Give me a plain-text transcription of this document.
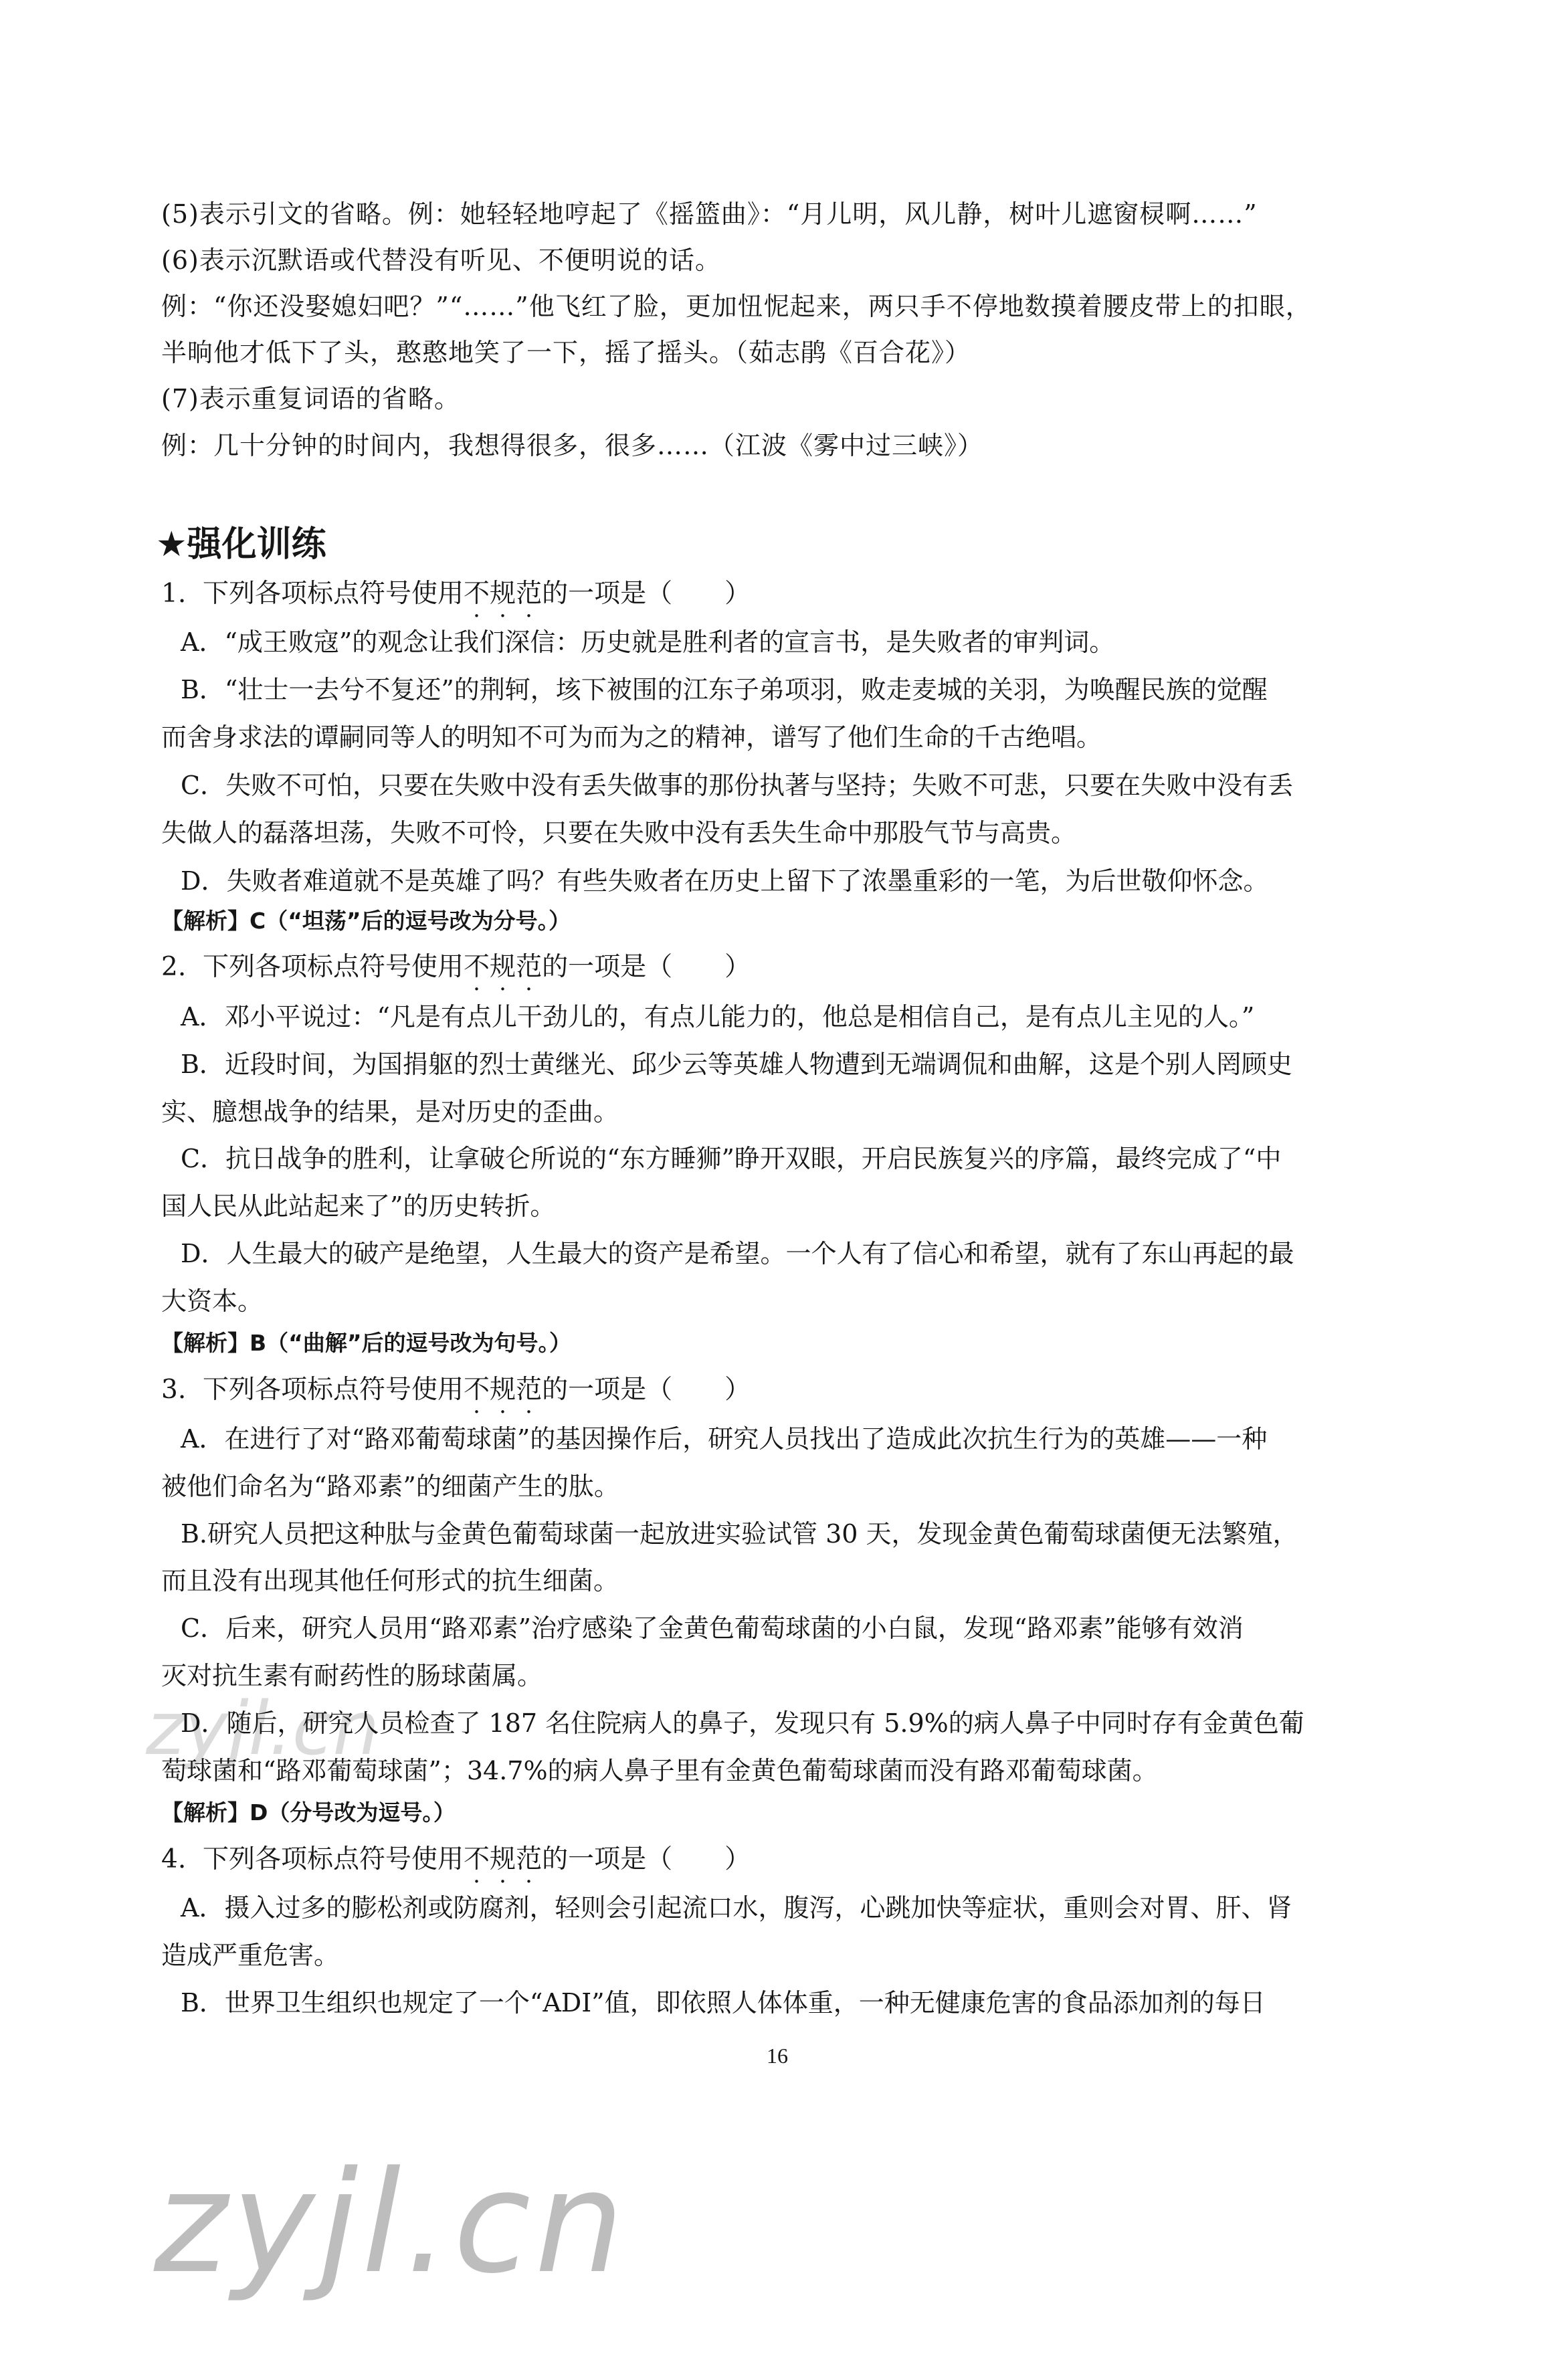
zyjl.cn
zyjl.cn
(5)表示引文的省略。例：她轻轻地哼起了《摇篮曲》：“月儿明，风儿静，树叶儿遮窗棂啊……”
(6)表示沉默语或代替没有听见、不便明说的话。
例：“你还没娶媳妇吧？”“……”他飞红了脸，更加忸怩起来，两只手不停地数摸着腰皮带上的扣眼，
半晌他才低下了头，憨憨地笑了一下，摇了摇头。（茹志鹃《百合花》）
(7)表示重复词语的省略。
例：几十分钟的时间内，我想得很多，很多……（江波《雾中过三峡》）
★强化训练
1. 下列各项标点符号使用不规范的一项是（　　）
A．“成王败寇”的观念让我们深信：历史就是胜利者的宣言书，是失败者的审判词。
B．“壮士一去兮不复还”的荆轲，垓下被围的江东子弟项羽，败走麦城的关羽，为唤醒民族的觉醒
而舍身求法的谭嗣同等人的明知不可为而为之的精神，谱写了他们生命的千古绝唱。
C．失败不可怕，只要在失败中没有丢失做事的那份执著与坚持；失败不可悲，只要在失败中没有丢
失做人的磊落坦荡，失败不可怜，只要在失败中没有丢失生命中那股气节与高贵。
D．失败者难道就不是英雄了吗？有些失败者在历史上留下了浓墨重彩的一笔，为后世敬仰怀念。
【解析】C（“坦荡”后的逗号改为分号。）
2. 下列各项标点符号使用不规范的一项是（　　）
A．邓小平说过：“凡是有点儿干劲儿的，有点儿能力的，他总是相信自己，是有点儿主见的人。”
B．近段时间，为国捐躯的烈士黄继光、邱少云等英雄人物遭到无端调侃和曲解，这是个别人罔顾史
实、臆想战争的结果，是对历史的歪曲。
C．抗日战争的胜利，让拿破仑所说的“东方睡狮”睁开双眼，开启民族复兴的序篇，最终完成了“中
国人民从此站起来了”的历史转折。
D．人生最大的破产是绝望，人生最大的资产是希望。一个人有了信心和希望，就有了东山再起的最
大资本。
【解析】B（“曲解”后的逗号改为句号。）
3. 下列各项标点符号使用不规范的一项是（　　）
A．在进行了对“路邓葡萄球菌”的基因操作后，研究人员找出了造成此次抗生行为的英雄——一种
被他们命名为“路邓素”的细菌产生的肽。
B.研究人员把这种肽与金黄色葡萄球菌一起放进实验试管 30 天，发现金黄色葡萄球菌便无法繁殖，
而且没有出现其他任何形式的抗生细菌。
C．后来，研究人员用“路邓素”治疗感染了金黄色葡萄球菌的小白鼠，发现“路邓素”能够有效消
灭对抗生素有耐药性的肠球菌属。
D．随后，研究人员检查了 187 名住院病人的鼻子，发现只有 5.9%的病人鼻子中同时存有金黄色葡
萄球菌和“路邓葡萄球菌”；34.7%的病人鼻子里有金黄色葡萄球菌而没有路邓葡萄球菌。
【解析】D（分号改为逗号。）
4. 下列各项标点符号使用不规范的一项是（　　）
A．摄入过多的膨松剂或防腐剂，轻则会引起流口水，腹泻，心跳加快等症状，重则会对胃、肝、肾
造成严重危害。
B．世界卫生组织也规定了一个“ADI”值，即依照人体体重，一种无健康危害的食品添加剂的每日
16
